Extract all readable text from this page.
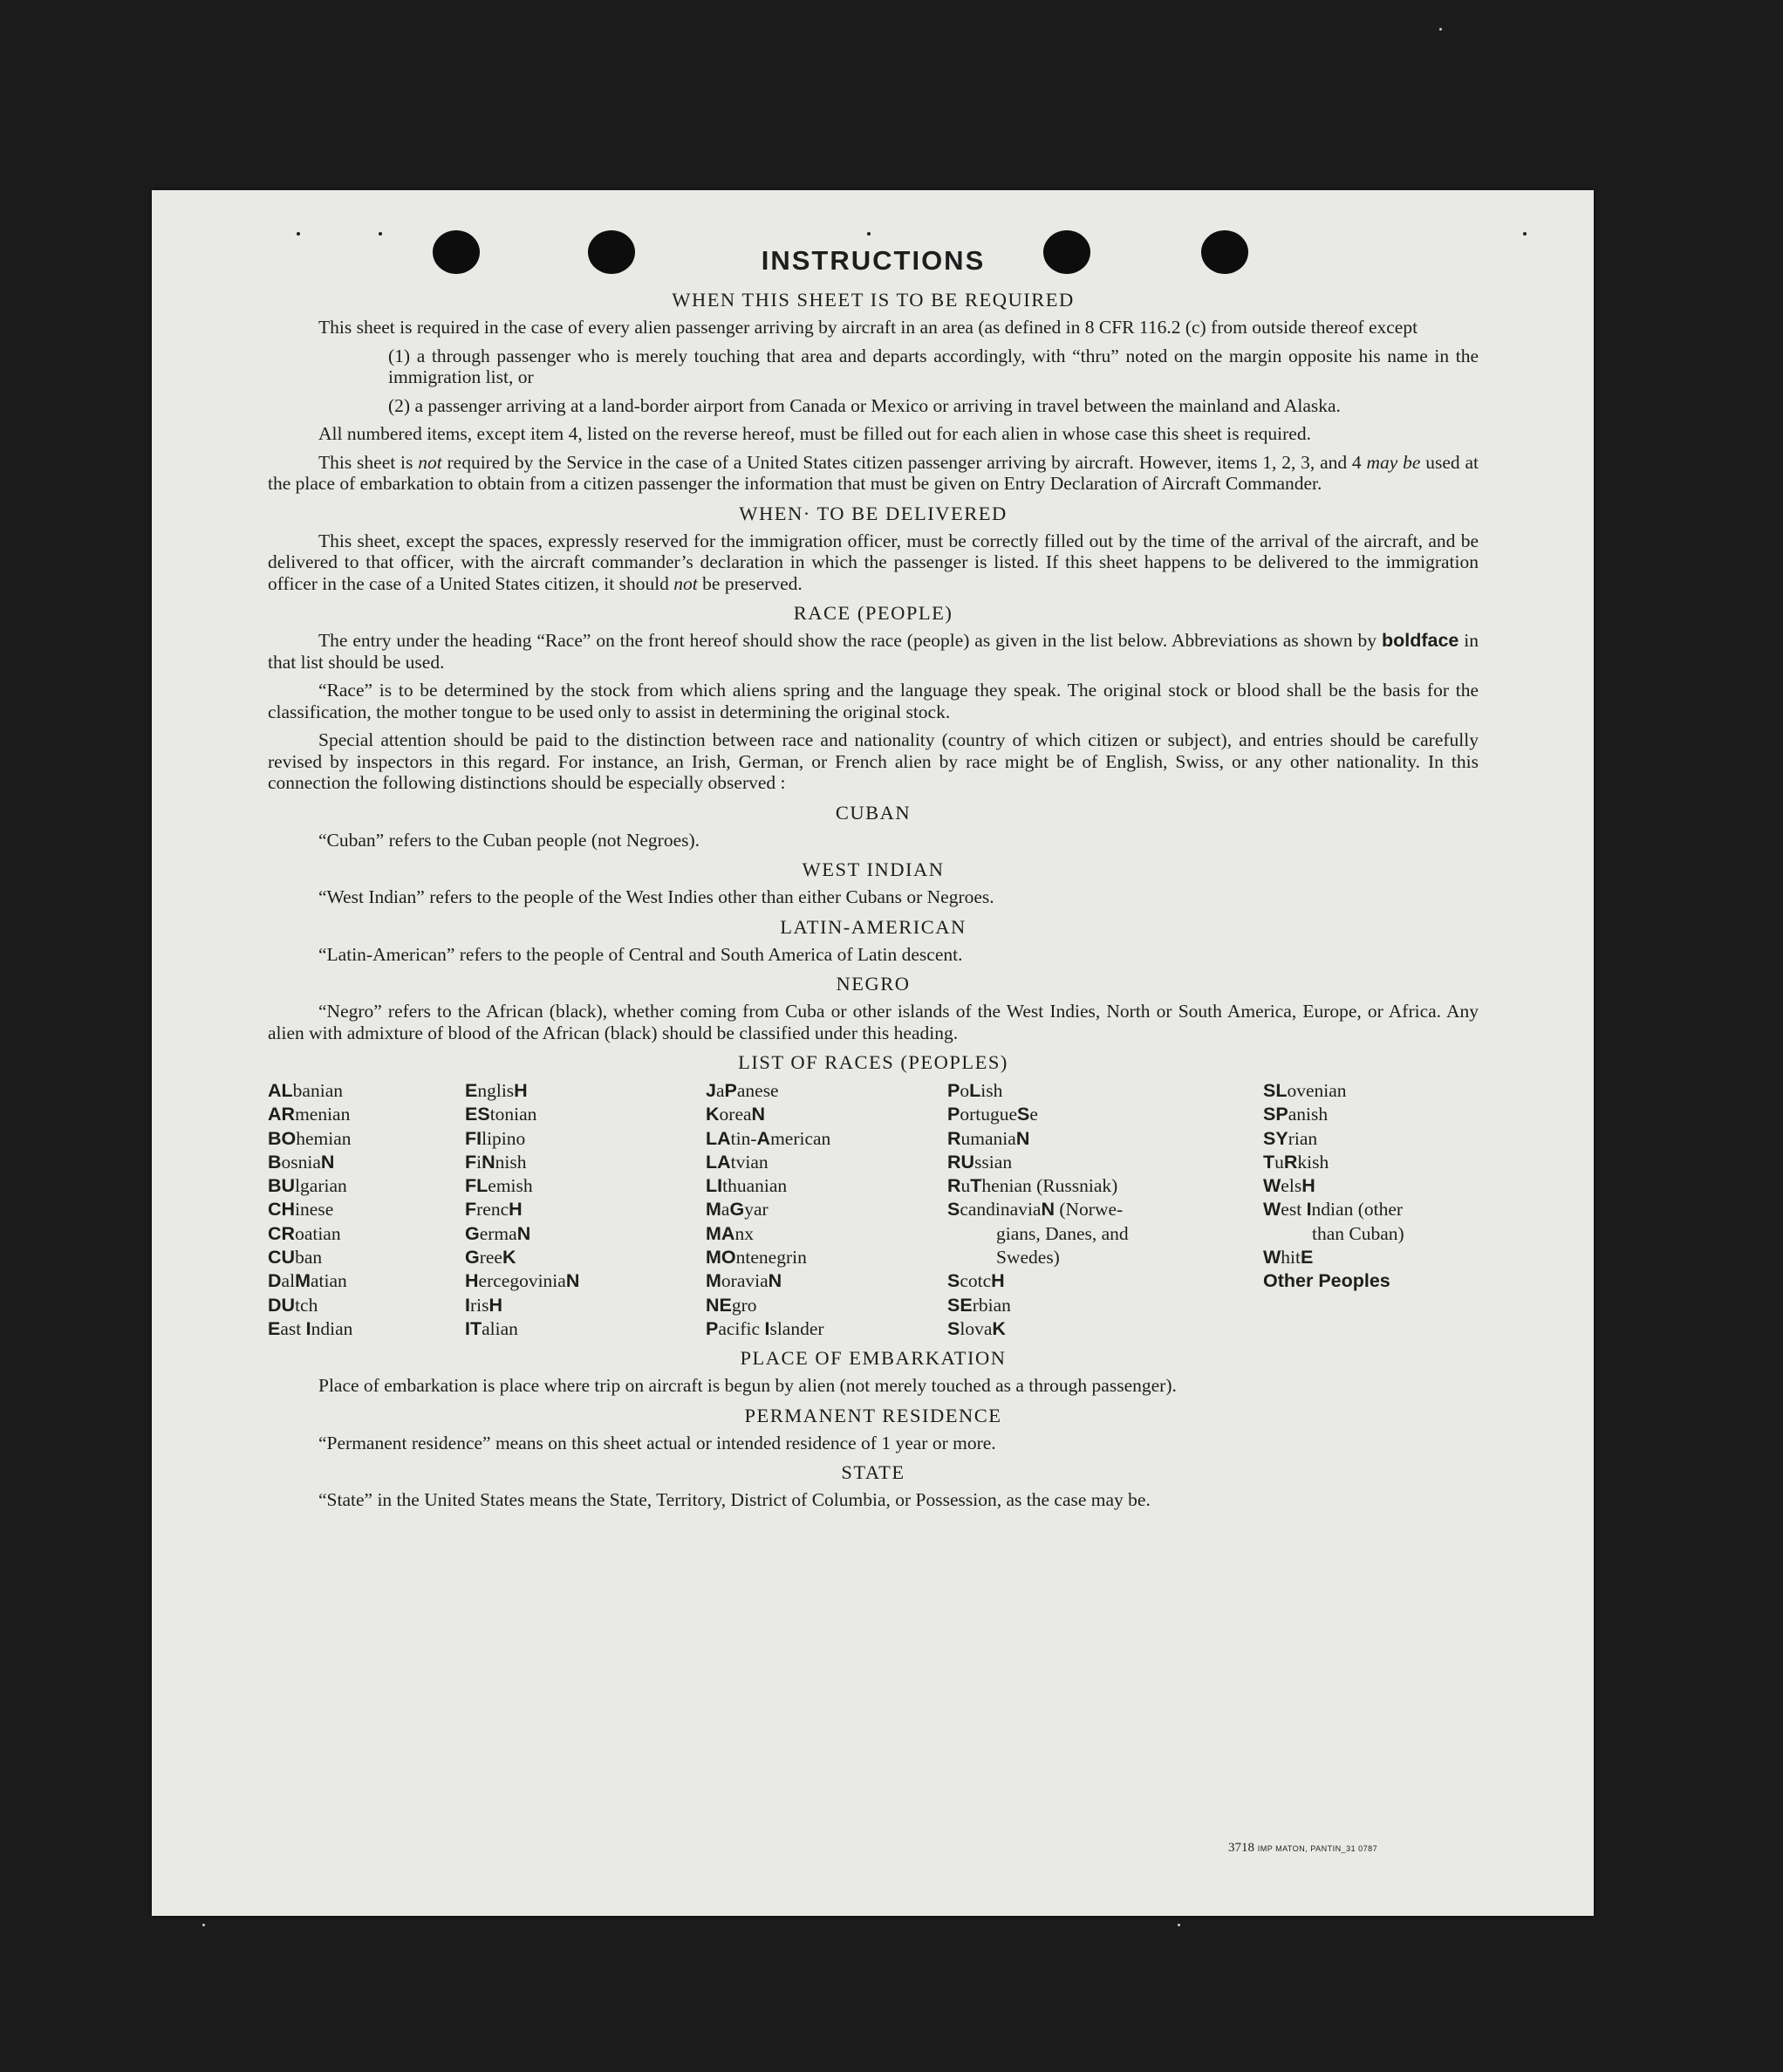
INSTRUCTIONS
WHEN THIS SHEET IS TO BE REQUIRED

This sheet is required in the case of every alien passenger arriving by aircraft in an area (as defined in 8 CFR 116.2 (c) from outside thereof except

(1) a through passenger who is merely touching that area and departs accordingly, with “thru” noted on the margin opposite his name in the immigration list, or

(2) a passenger arriving at a land-border airport from Canada or Mexico or arriving in travel between the mainland and Alaska.

All numbered items, except item 4, listed on the reverse hereof, must be filled out for each alien in whose case this sheet is required.

This sheet is not required by the Service in the case of a United States citizen passenger arriving by aircraft. However, items 1, 2, 3, and 4 may be used at the place of embarkation to obtain from a citizen passenger the information that must be given on Entry Declaration of Aircraft Commander.

WHEN· TO BE DELIVERED

This sheet, except the spaces, expressly reserved for the immigration officer, must be correctly filled out by the time of the arrival of the aircraft, and be delivered to that officer, with the aircraft commander’s declaration in which the passenger is listed. If this sheet happens to be delivered to the immigration officer in the case of a United States citizen, it should not be preserved.

RACE (PEOPLE)

The entry under the heading “Race” on the front hereof should show the race (people) as given in the list below. Abbreviations as shown by boldface in that list should be used.

“Race” is to be determined by the stock from which aliens spring and the language they speak. The original stock or blood shall be the basis for the classification, the mother tongue to be used only to assist in determining the original stock.

Special attention should be paid to the distinction between race and nationality (country of which citizen or subject), and entries should be carefully revised by inspectors in this regard. For instance, an Irish, German, or French alien by race might be of English, Swiss, or any other nationality. In this connection the following distinctions should be especially observed :

CUBAN

“Cuban” refers to the Cuban people (not Negroes).

WEST INDIAN

“West Indian” refers to the people of the West Indies other than either Cubans or Negroes.

LATIN-AMERICAN

“Latin-American” refers to the people of Central and South America of Latin descent.

NEGRO

“Negro” refers to the African (black), whether coming from Cuba or other islands of the West Indies, North or South America, Europe, or Africa. Any alien with admixture of blood of the African (black) should be classified under this heading.

LIST OF RACES (PEOPLES)
ALbanian
ARmenian
BOhemian
BosniaN
BUlgarian
CHinese
CRoatian
CUban
DalMatian
DUtch
East Indian
EnglisH
EStonian
FIlipino
FiNnish
FLemish
FrencH
GermaN
GreeK
HercegoviniaN
IrisH
ITalian
JaPanese
KoreaN
LAtin-American
LAtvian
LIthuanian
MaGyar
MAnx
MOntenegrin
MoraviaN
NEgro
Pacific Islander
PoLish
PortugueSe
RumaniaN
RUssian
RuThenian (Russniak)
ScandinaviaN (Norwe-
gians, Danes, and
Swedes)
ScotcH
SErbian
SlovaK
SLovenian
SPanish
SYrian
TuRkish
WelsH
West Indian (other
than Cuban)
WhitE
Other Peoples
PLACE OF EMBARKATION

Place of embarkation is place where trip on aircraft is begun by alien (not merely touched as a through passenger).

PERMANENT RESIDENCE

“Permanent residence” means on this sheet actual or intended residence of 1 year or more.

STATE

“State” in the United States means the State, Territory, District of Columbia, or Possession, as the case may be.

3718 IMP MATON, PANTIN_31 0787
